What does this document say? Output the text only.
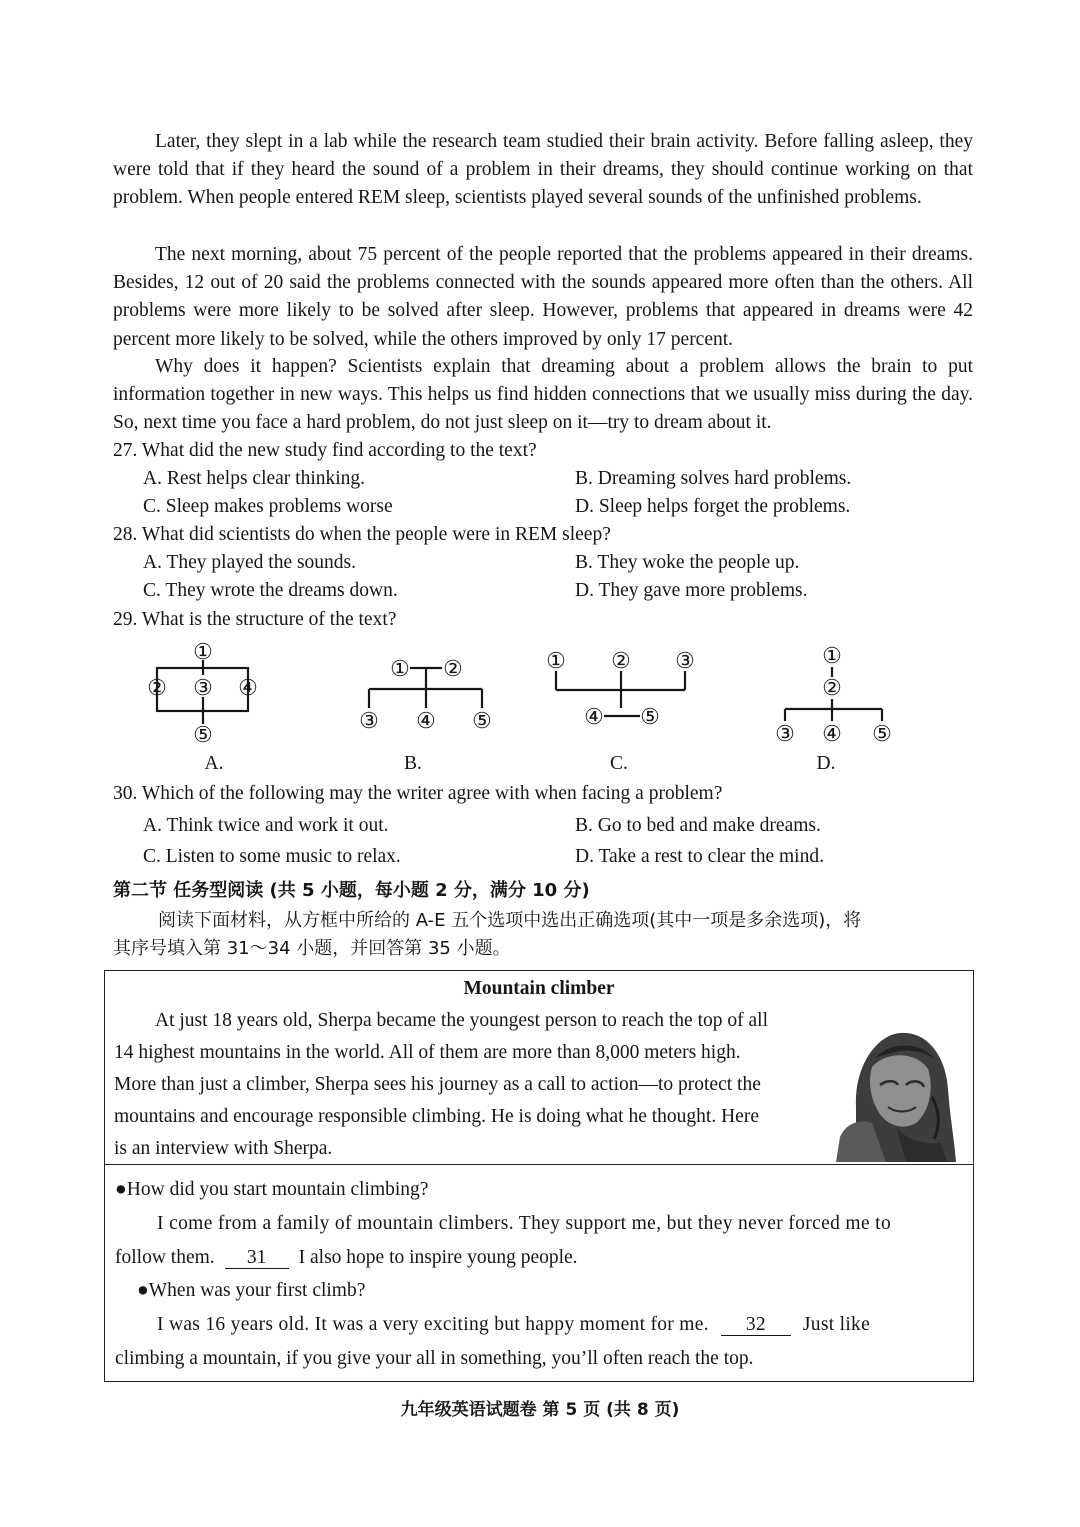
Later, they slept in a lab while the research team studied their brain activity. Before falling asleep, they were told that if they heard the sound of a problem in their dreams, they should continue working on that problem. When people entered REM sleep, scientists played several sounds of the unfinished problems.

The next morning, about 75 percent of the people reported that the problems appeared in their dreams. Besides, 12 out of 20 said the problems connected with the sounds appeared more often than the others. All problems were more likely to be solved after sleep. However, problems that appeared in dreams were 42 percent more likely to be solved, while the others improved by only 17 percent.

Why does it happen? Scientists explain that dreaming about a problem allows the brain to put information together in new ways. This helps us find hidden connections that we usually miss during the day. So, next time you face a hard problem, do not just sleep on it—try to dream about it.

27. What did the new study find according to the text?

A. Rest helps clear thinking.	B. Dreaming solves hard problems.

C. Sleep makes problems worse	D. Sleep helps forget the problems.

28. What did scientists do when the people were in REM sleep?

A. They played the sounds.	B. They woke the people up.

C. They wrote the dreams down.	D. They gave more problems.

29. What is the structure of the text?

①
② ③ ④
⑤
① ②
③ ④ ⑤
① ② ③
④ ⑤
①
②
③ ④ ⑤
A.	B.	C.	D.

30. Which of the following may the writer agree with when facing a problem?

A. Think twice and work it out.	B. Go to bed and make dreams.

C. Listen to some music to relax.	D. Take a rest to clear the mind.

第二节 任务型阅读 (共 5 小题，每小题 2 分，满分 10 分)

阅读下面材料，从方框中所给的 A-E 五个选项中选出正确选项(其中一项是多余选项)，将

其序号填入第 31～34 小题，并回答第 35 小题。

Mountain climber

At just 18 years old, Sherpa became the youngest person to reach the top of all

14 highest mountains in the world. All of them are more than 8,000 meters high.

More than just a climber, Sherpa sees his journey as a call to action—to protect the

mountains and encourage responsible climbing. He is doing what he thought. Here

is an interview with Sherpa.

●How did you start mountain climbing?

I come from a family of mountain climbers. They support me, but they never forced me to

follow them. 31 I also hope to inspire young people.

●When was your first climb?

I was 16 years old. It was a very exciting but happy moment for me. 32 Just like

climbing a mountain, if you give your all in something, you’ll often reach the top.

九年级英语试题卷 第 5 页 (共 8 页)
